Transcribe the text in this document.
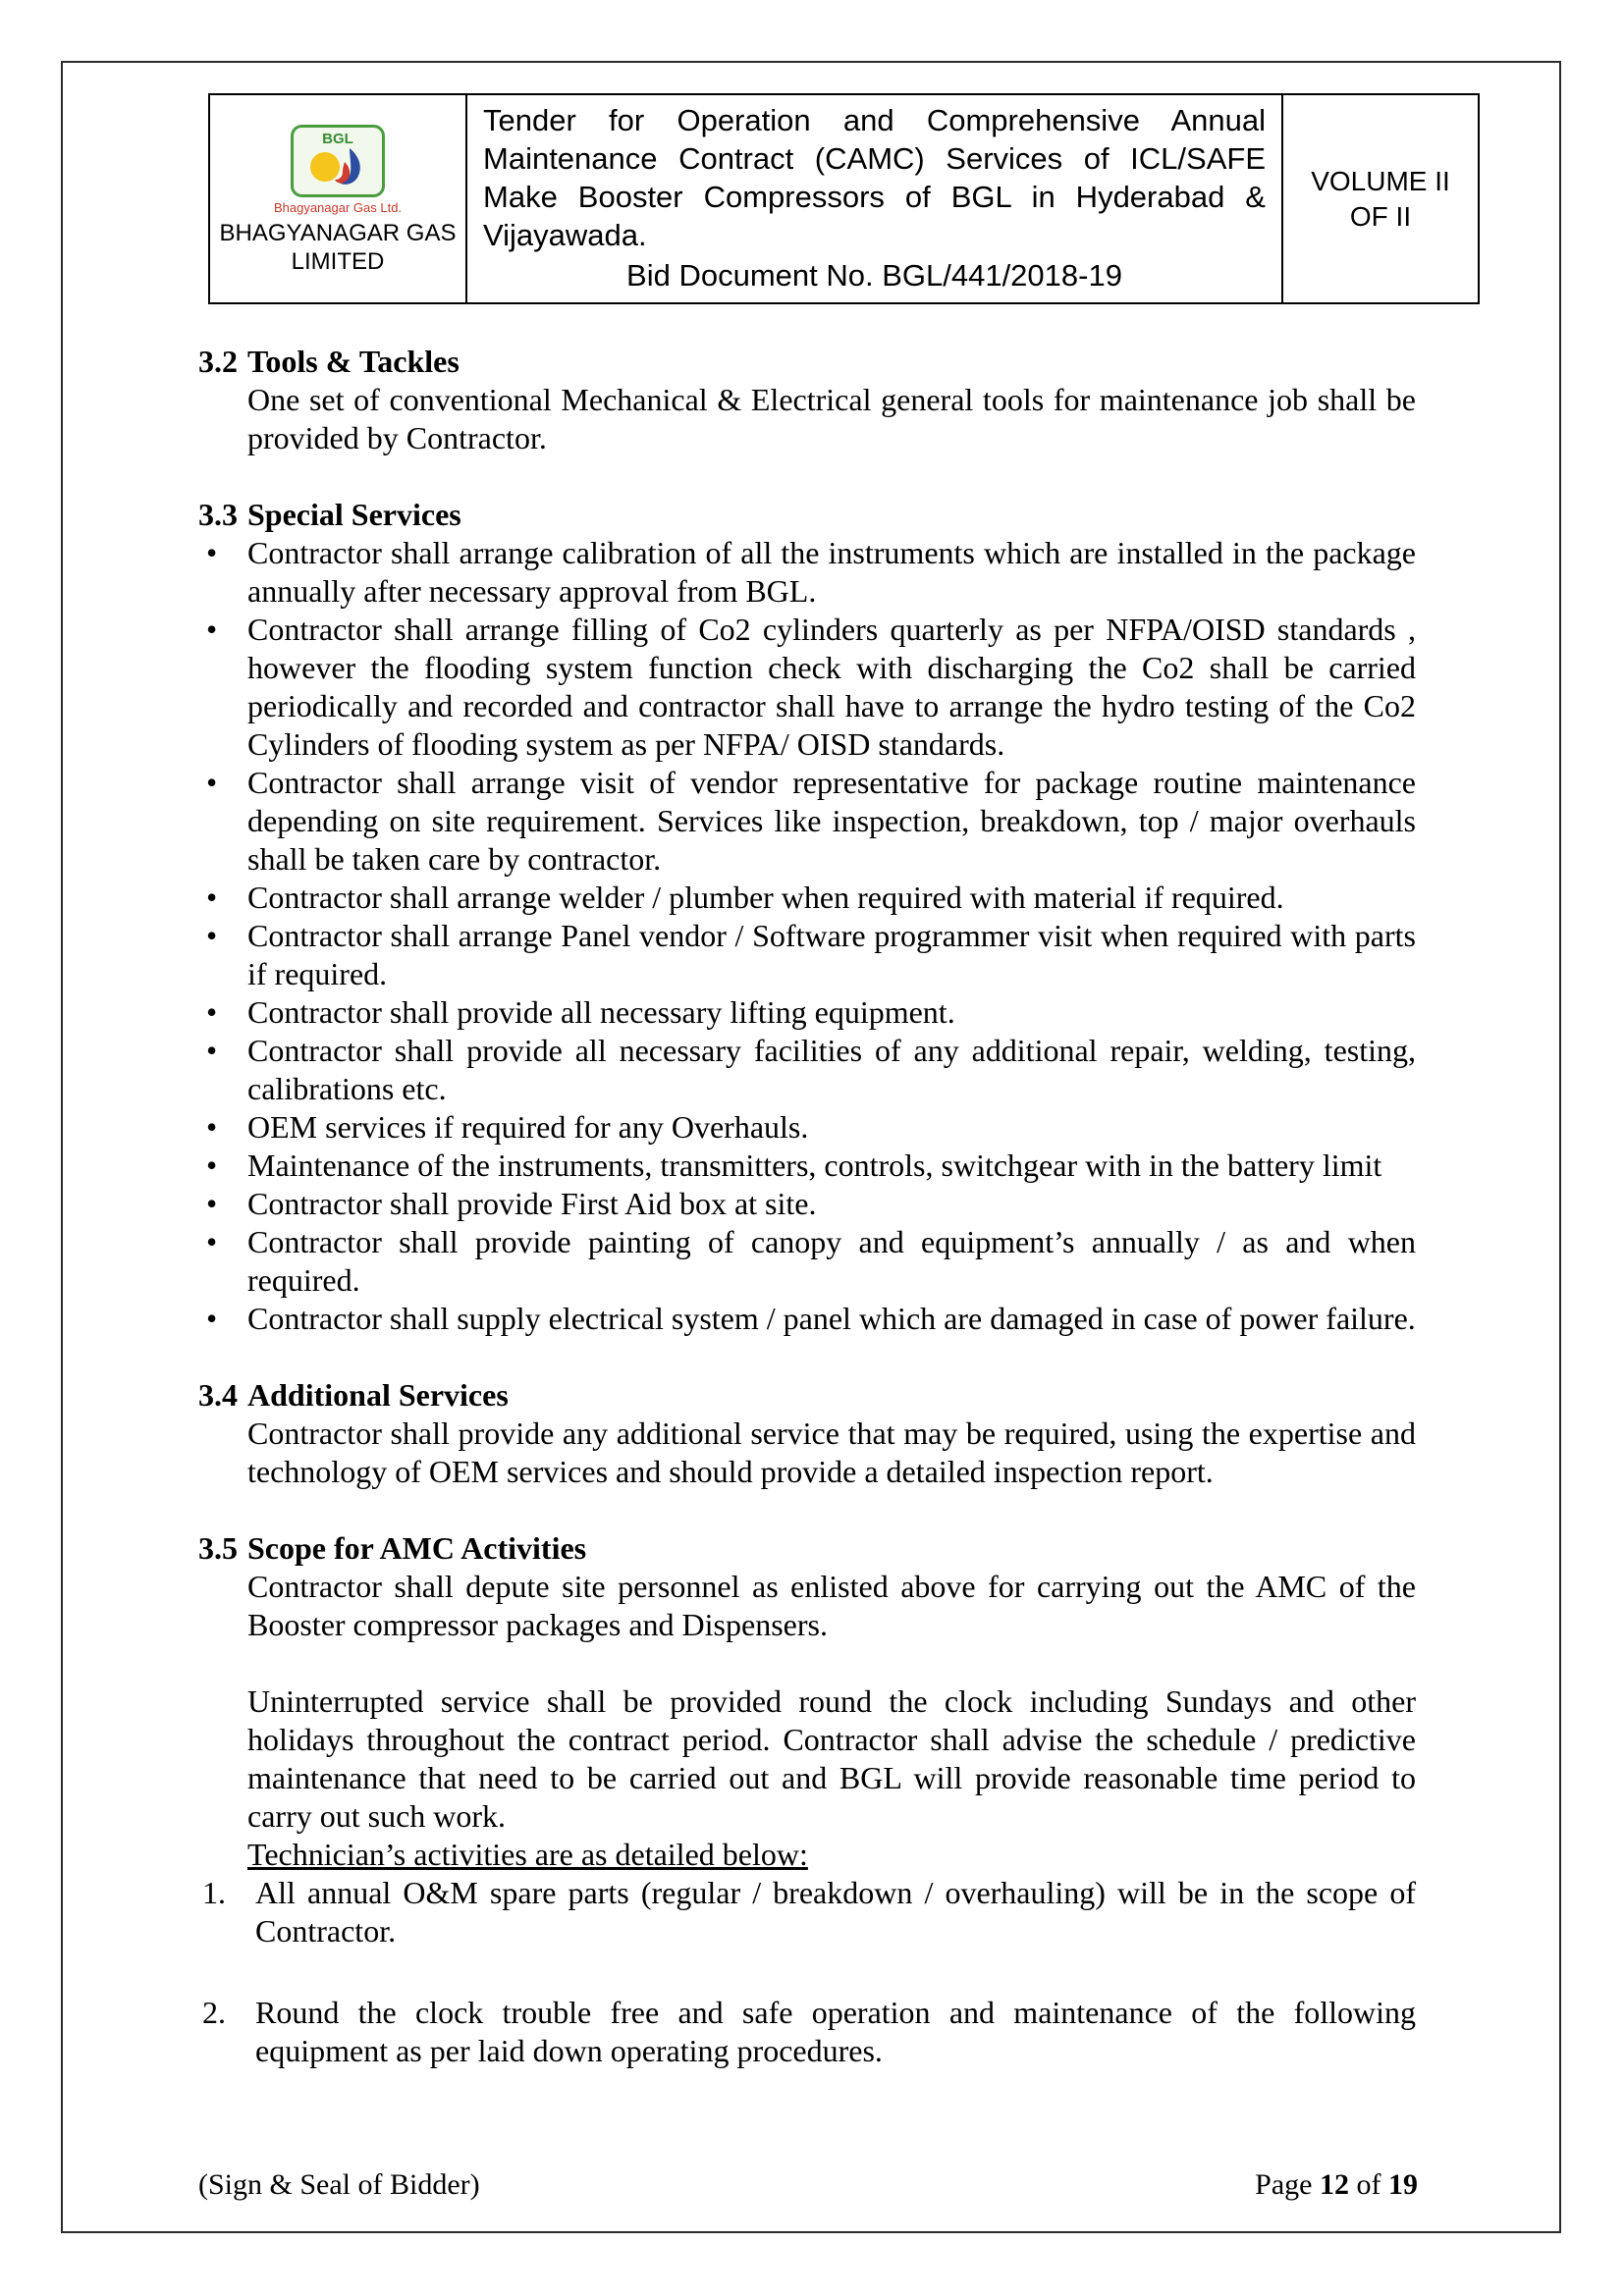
BGL
Bhagyanagar Gas Ltd.
BHAGYANAGAR GAS
LIMITED

Tender for Operation and Comprehensive Annual Maintenance Contract (CAMC) Services of ICL/SAFE Make Booster Compressors of BGL in Hyderabad & Vijayawada.
Bid Document No. BGL/441/2018-19

VOLUME II
OF II
3.2 Tools & Tackles
One set of conventional Mechanical & Electrical general tools for maintenance job shall be provided by Contractor.
3.3 Special Services
• Contractor shall arrange calibration of all the instruments which are installed in the package annually after necessary approval from BGL.
• Contractor shall arrange filling of Co2 cylinders quarterly as per NFPA/OISD standards , however the flooding system function check with discharging the Co2 shall be carried periodically and recorded and contractor shall have to arrange the hydro testing of the Co2 Cylinders of flooding system as per NFPA/ OISD standards.
• Contractor shall arrange visit of vendor representative for package routine maintenance depending on site requirement. Services like inspection, breakdown, top / major overhauls shall be taken care by contractor.
• Contractor shall arrange welder / plumber when required with material if required.
• Contractor shall arrange Panel vendor / Software programmer visit when required with parts if required.
• Contractor shall provide all necessary lifting equipment.
• Contractor shall provide all necessary facilities of any additional repair, welding, testing, calibrations etc.
• OEM services if required for any Overhauls.
• Maintenance of the instruments, transmitters, controls, switchgear with in the battery limit
• Contractor shall provide First Aid box at site.
• Contractor shall provide painting of canopy and equipment’s annually / as and when required.
• Contractor shall supply electrical system / panel which are damaged in case of power failure.
3.4 Additional Services
Contractor shall provide any additional service that may be required, using the expertise and technology of OEM services and should provide a detailed inspection report.
3.5 Scope for AMC Activities
Contractor shall depute site personnel as enlisted above for carrying out the AMC of the Booster compressor packages and Dispensers.
Uninterrupted service shall be provided round the clock including Sundays and other holidays throughout the contract period. Contractor shall advise the schedule / predictive maintenance that need to be carried out and BGL will provide reasonable time period to carry out such work.
Technician’s activities are as detailed below:
1. All annual O&M spare parts (regular / breakdown / overhauling) will be in the scope of Contractor.
2. Round the clock trouble free and safe operation and maintenance of the following equipment as per laid down operating procedures.
(Sign & Seal of Bidder)	Page 12 of 19
